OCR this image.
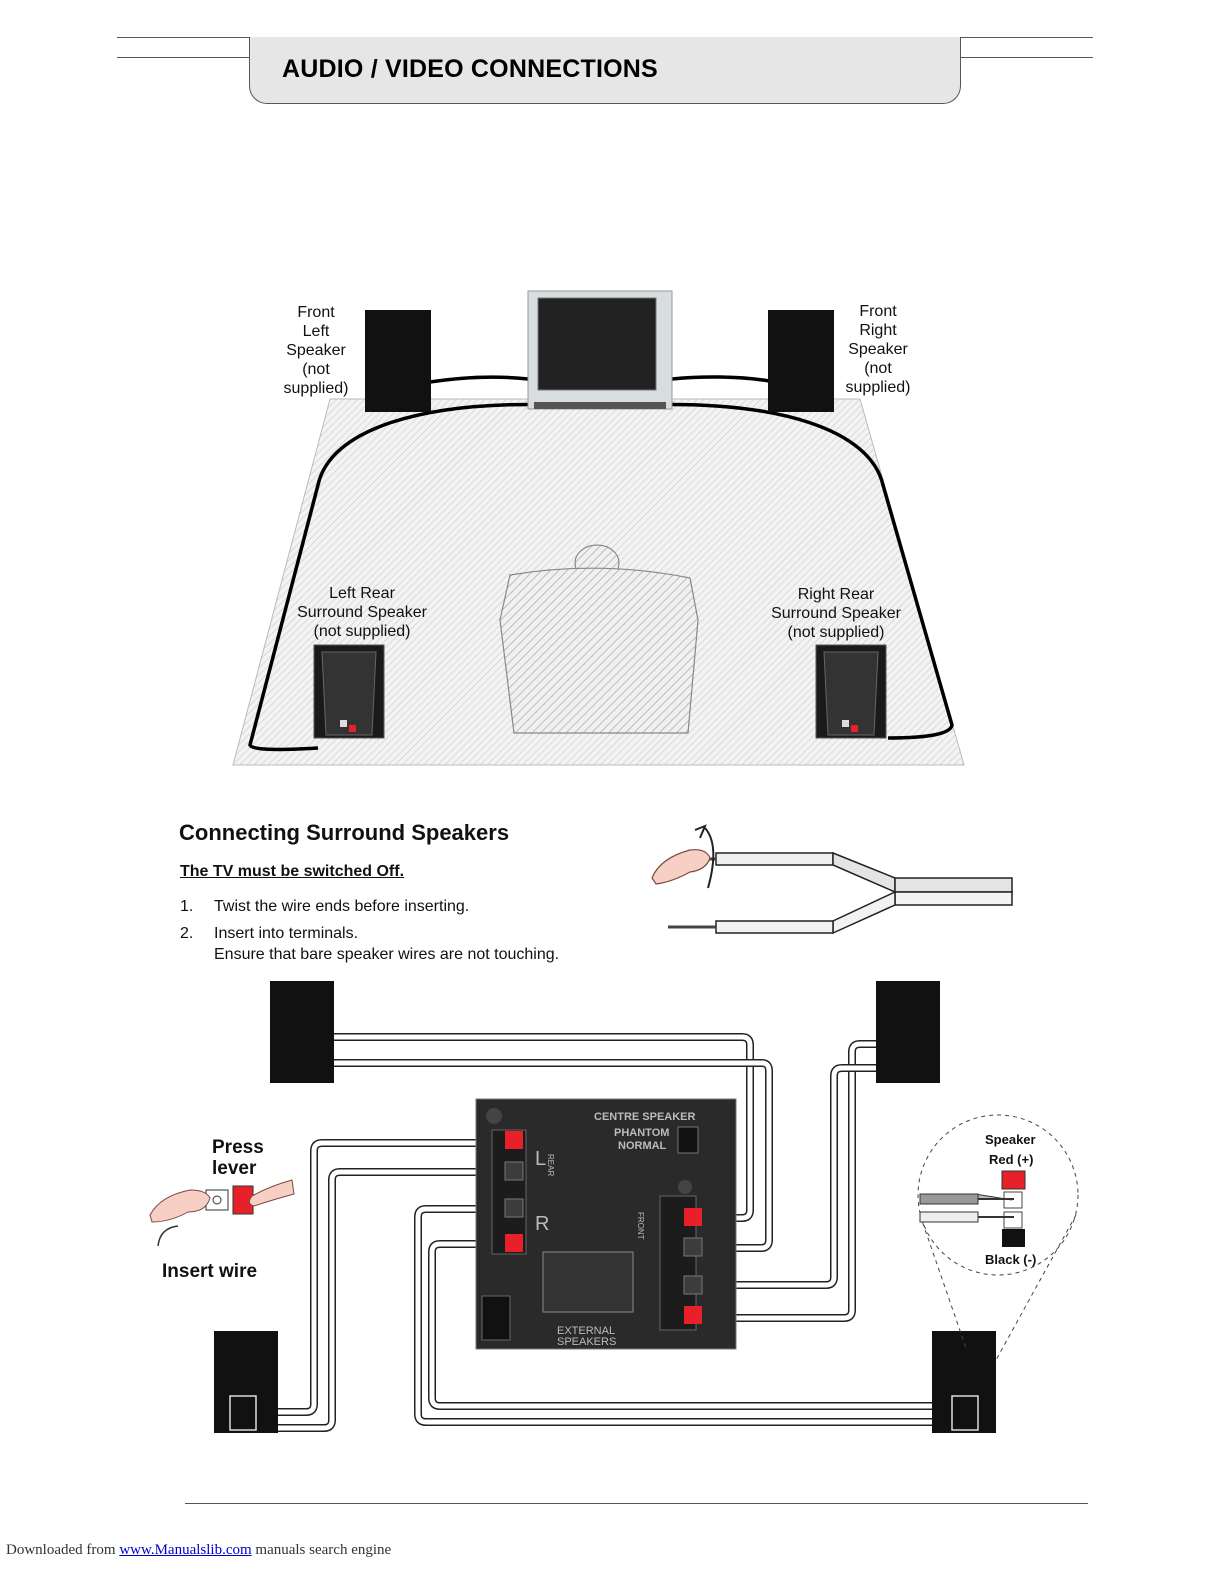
AUDIO / VIDEO CONNECTIONS
CENTRE SPEAKER
PHANTOM
NORMAL
L
R
REAR
FRONT
EXTERNAL
SPEAKERS
Front
Left
Speaker
(not
supplied)
Front
Right
Speaker
(not
supplied)
Left Rear
Surround Speaker
(not supplied)
Right Rear
Surround Speaker
(not supplied)
Connecting Surround Speakers
The TV must be switched Off.
1. Twist the wire ends before inserting.
2. Insert into terminals.
Ensure that bare speaker wires are not touching.
Press
lever
Insert wire
Speaker
Red (+)
Black (-)
Downloaded from www.Manualslib.com manuals search engine
